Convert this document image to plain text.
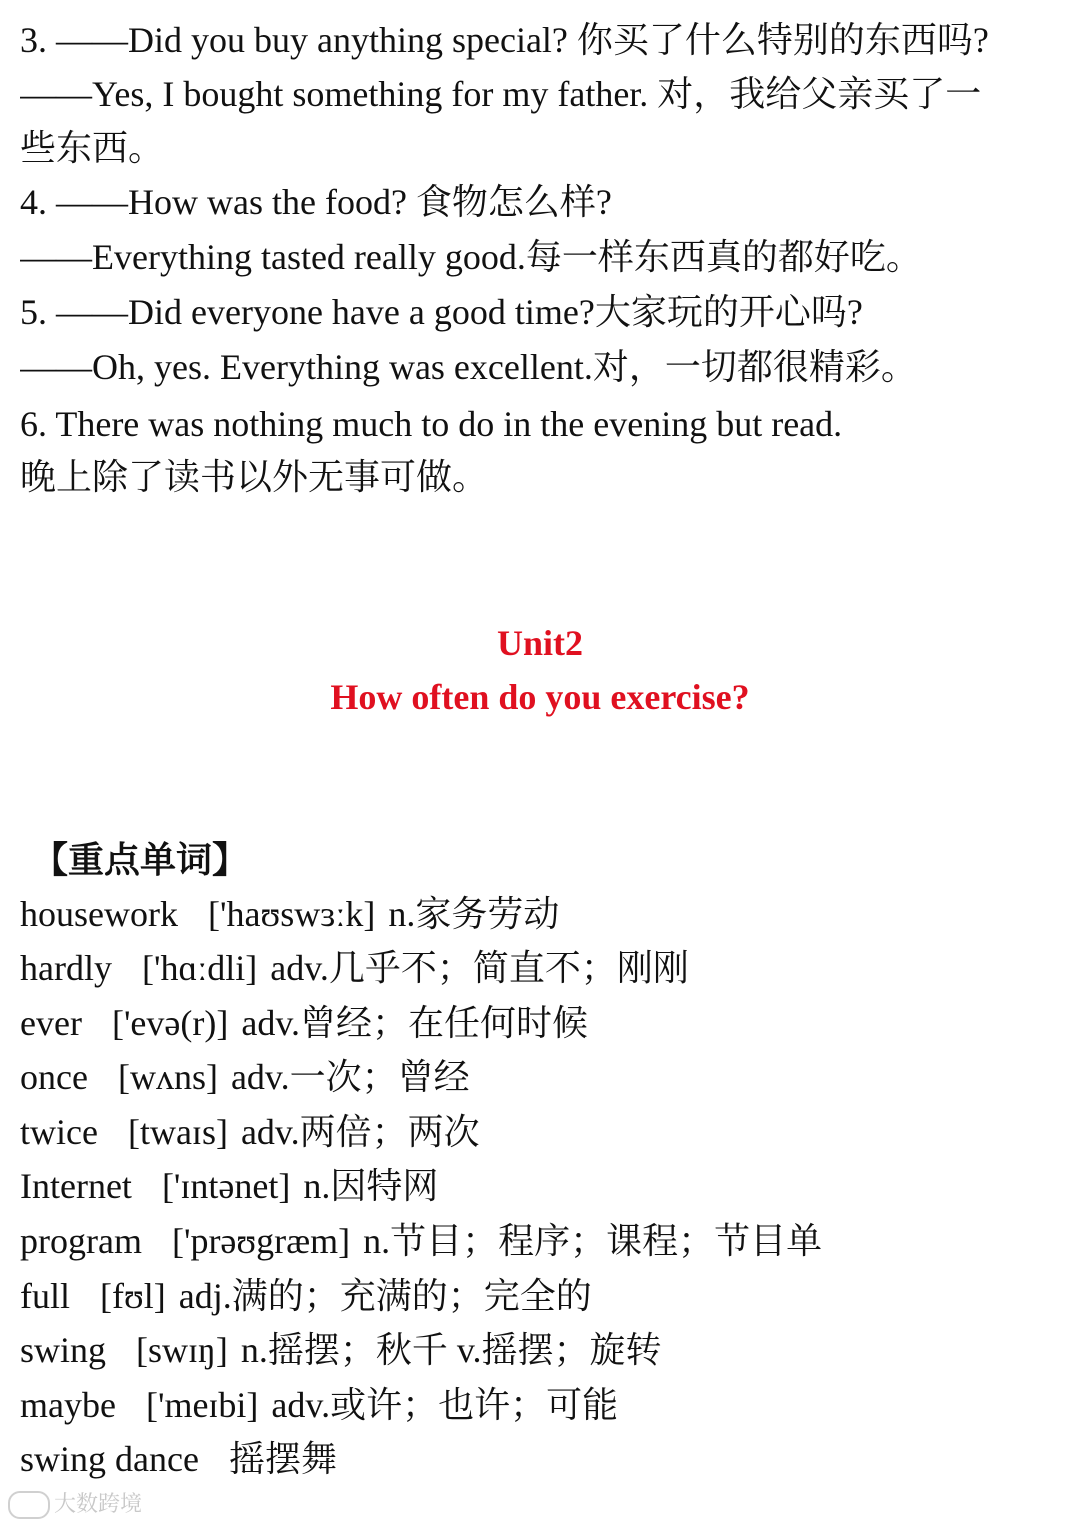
3. ——Did you buy anything special? 你买了什么特别的东西吗?
——Yes, I bought something for my father. 对，我给父亲买了一
些东西。
4. ——How was the food? 食物怎么样?
——Everything tasted really good.每一样东西真的都好吃。
5. ——Did everyone have a good time?大家玩的开心吗?
——Oh, yes. Everything was excellent.对，一切都很精彩。
6. There was nothing much to do in the evening but read.
晚上除了读书以外无事可做。
Unit2
How often do you exercise?
【重点单词】
housework ['haʊswɜːk] n.家务劳动
hardly ['hɑːdli] adv.几乎不；简直不；刚刚
ever ['evə(r)] adv.曾经；在任何时候
once [wʌns] adv.一次；曾经
twice [twaɪs] adv.两倍；两次
Internet ['ɪntənet] n.因特网
program ['prəʊgræm] n.节目；程序；课程；节目单
full [fʊl] adj.满的；充满的；完全的
swing [swɪŋ] n.摇摆；秋千 v.摇摆；旋转
maybe ['meɪbi] adv.或许；也许；可能
swing dance 摇摆舞
大数跨境
